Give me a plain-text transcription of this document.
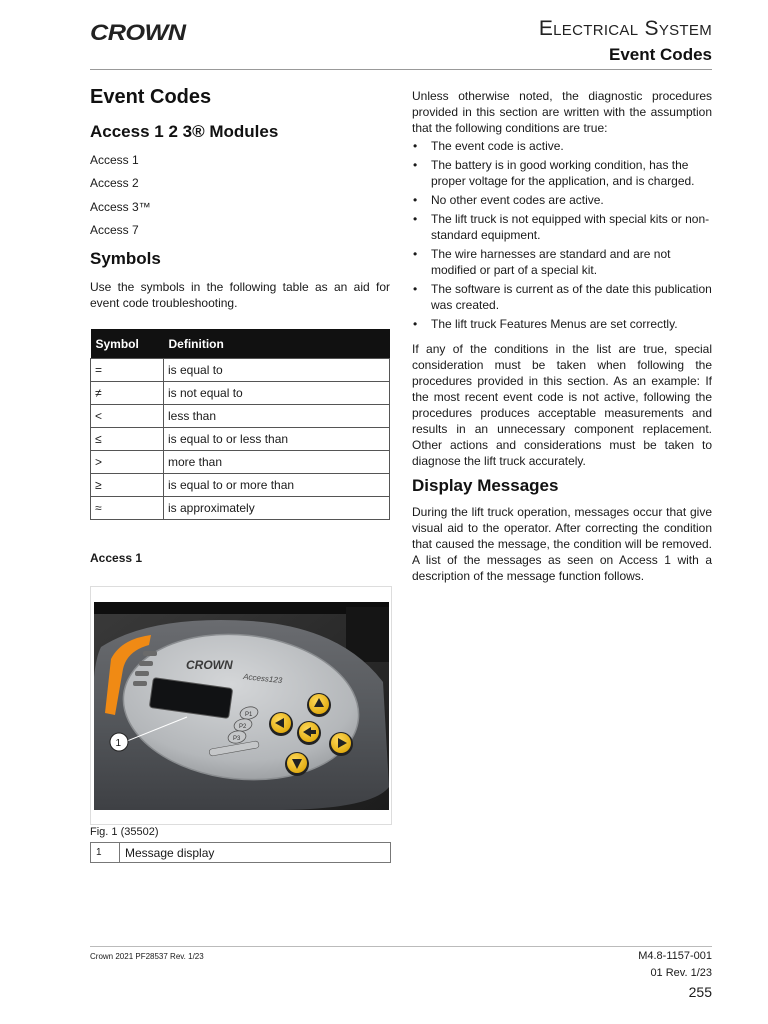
CROWN	Electrical System
Event Codes
Event Codes
Access 1 2 3® Modules
Access 1
Access 2
Access 3™
Access 7
Symbols
Use the symbols in the following table as an aid for event code troubleshooting.
Symbol	Definition
=	is equal to
≠	is not equal to
<	less than
≤	is equal to or less than
>	more than
≥	is equal to or more than
≈	is approximately
Access 1
CROWN
Access123
P1
P2
P3
1
Fig. 1 (35502)
1	Message display
Unless otherwise noted, the diagnostic procedures provided in this section are written with the assumption that the following conditions are true:
• The event code is active.
• The battery is in good working condition, has the proper voltage for the application, and is charged.
• No other event codes are active.
• The lift truck is not equipped with special kits or non-standard equipment.
• The wire harnesses are standard and are not modified or part of a special kit.
• The software is current as of the date this publication was created.
• The lift truck Features Menus are set correctly.
If any of the conditions in the list are true, special consideration must be taken when following the procedures provided in this section. As an example: If the most recent event code is not active, following the procedures produces acceptable measurements and results in an unnecessary component replacement. Other actions and considerations must be taken to diagnose the lift truck accurately.
Display Messages
During the lift truck operation, messages occur that give visual aid to the operator. After correcting the condition that caused the message, the condition will be removed. A list of the messages as seen on Access 1 with a description of the message function follows.
Crown 2021 PF28537 Rev. 1/23	M4.8-1157-001
01 Rev. 1/23
255
